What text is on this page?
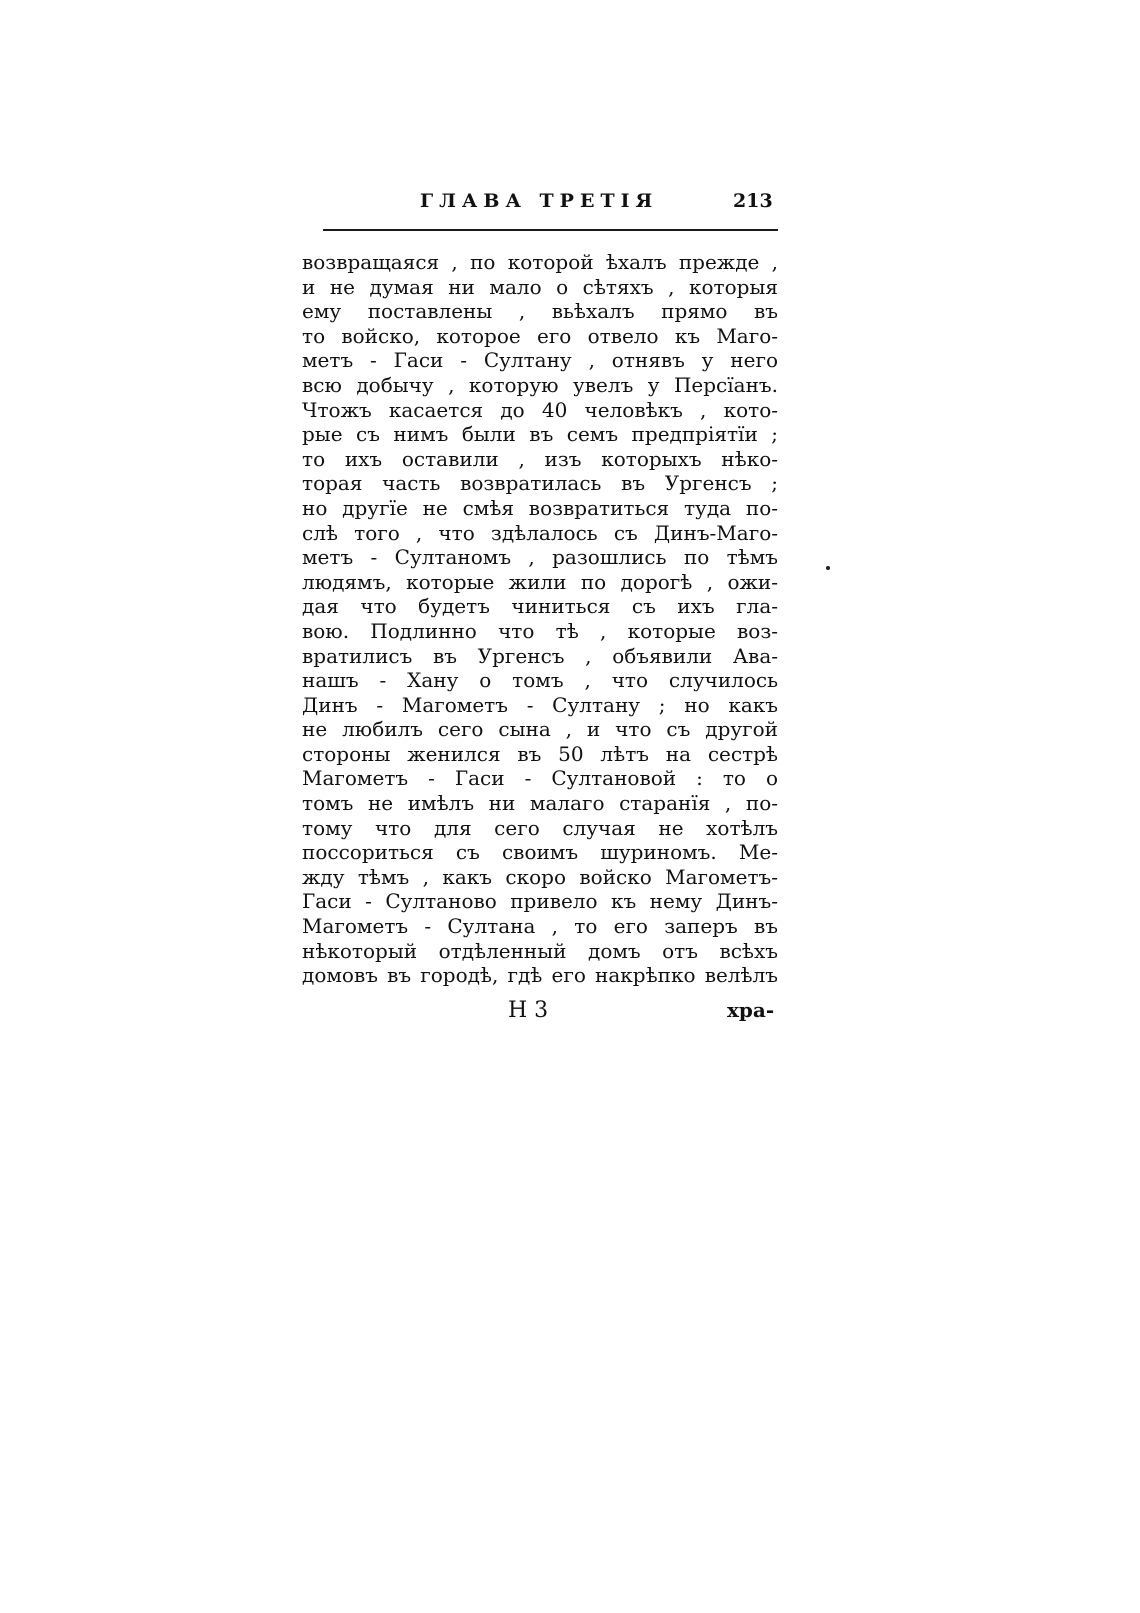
ГЛАВА ТРЕТІЯ	213
возвращаяся , по которой ѣхалъ прежде ,
и не думая ни мало о сѣтяхъ , которыя
ему поставлены , вьѣхалъ прямо въ
то войско, которое его отвело къ Маго-
метъ - Гаси - Султану , отнявъ у него
всю добычу , которую увелъ у Персїанъ.
Чтожъ касается до 40 человѣкъ , кото-
рые съ нимъ были въ семъ предпріятїи ;
то ихъ оставили , изъ которыхъ нѣко-
торая часть возвратилась въ Ургенсъ ;
но другїе не смѣя возвратиться туда по-
слѣ того , что здѣлалось съ Динъ-Маго-
метъ - Султаномъ , разошлись по тѣмъ
людямъ, которые жили по дорогѣ , ожи-
дая что будетъ чиниться съ ихъ гла-
вою. Подлинно что тѣ , которые воз-
вратилисъ въ Ургенсъ , объявили Ава-
нашъ - Хану о томъ , что случилось
Динъ - Магометъ - Султану ; но какъ
не любилъ сего сына , и что съ другой
стороны женился въ 50 лѣтъ на сестрѣ
Магометъ - Гаси - Султановой : то о
томъ не имѣлъ ни малаго старанїя , по-
тому что для сего случая не хотѣлъ
поссориться съ своимъ шуриномъ. Ме-
жду тѣмъ , какъ скоро войско Магометъ-
Гаси - Султаново привело къ нему Динъ-
Магометъ - Султана , то его заперъ въ
нѣкоторый отдѣленный домъ отъ всѣхъ
домовъ въ городѣ, гдѣ его накрѣпко велѣлъ
Н 3	хра-
